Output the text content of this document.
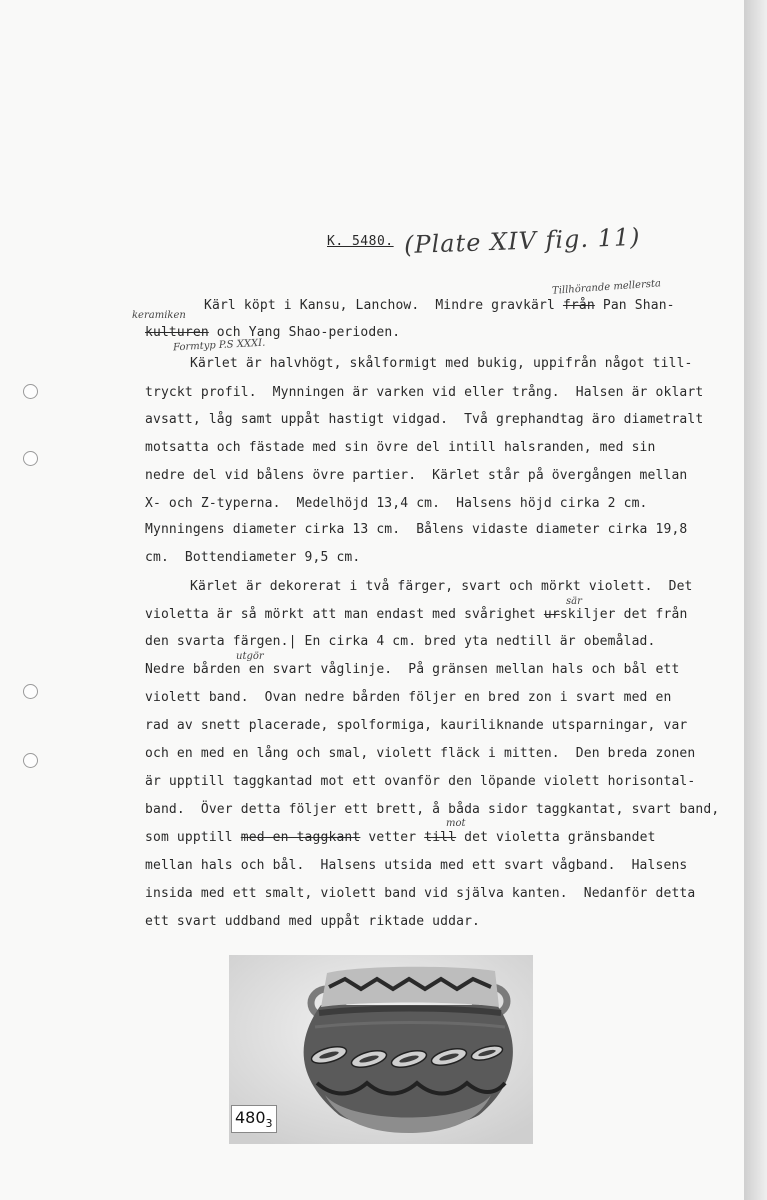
K. 5480. (Plate XIV fig. 11)
Tillhörande mellersta
keramiken
Formtyp P.S XXXI.
Kärl köpt i Kansu, Lanchow.  Mindre gravkärl från Pan Shan-
kulturen och Yang Shao-perioden.
Kärlet är halvhögt, skålformigt med bukig, uppifrån något till-
tryckt profil.  Mynningen är varken vid eller trång.  Halsen är oklart
avsatt, låg samt uppåt hastigt vidgad.  Två grephandtag äro diametralt
motsatta och fästade med sin övre del intill halsranden, med sin
nedre del vid bålens övre partier.  Kärlet står på övergången mellan
X- och Z-typerna.  Medelhöjd 13,4 cm.  Halsens höjd cirka 2 cm.
Mynningens diameter cirka 13 cm.  Bålens vidaste diameter cirka 19,8
cm.  Bottendiameter 9,5 cm.
Kärlet är dekorerat i två färger, svart och mörkt violett.  Det
sär
violetta är så mörkt att man endast med svårighet urskiljer det från
den svarta färgen.| En cirka 4 cm. bred yta nedtill är obemålad.
utgör
Nedre bården en svart våglinje.  På gränsen mellan hals och bål ett
violett band.  Ovan nedre bården följer en bred zon i svart med en
rad av snett placerade, spolformiga, kauriliknande utsparningar, var
och en med en lång och smal, violett fläck i mitten.  Den breda zonen
är upptill taggkantad mot ett ovanför den löpande violett horisontal-
band.  Över detta följer ett brett, å båda sidor taggkantat, svart band,
mot
som upptill med en taggkant vetter till det violetta gränsbandet
mellan hals och bål.  Halsens utsida med ett svart vågband.  Halsens
insida med ett smalt, violett band vid själva kanten.  Nedanför detta
ett svart uddband med uppåt riktade uddar.
$480_3$
